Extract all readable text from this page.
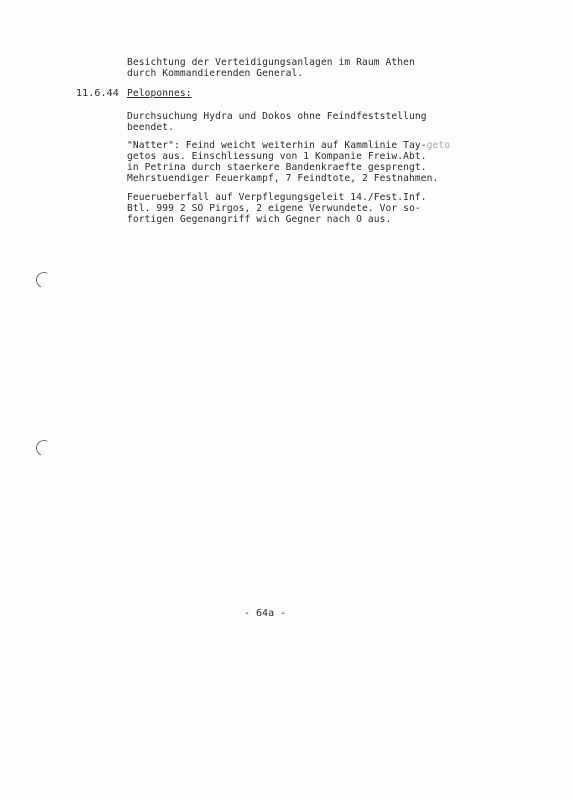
Besichtung der Verteidigungsanlagen im Raum Athen
durch Kommandierenden General.
11.6.44 Peloponnes:
Durchsuchung Hydra und Dokos ohne Feindfeststellung
beendet.
"Natter": Feind weicht weiterhin auf Kammlinie Tay-geto
getos aus. Einschliessung von 1 Kompanie Freiw.Abt.
in Petrina durch staerkere Bandenkraefte gesprengt.
Mehrstuendiger Feuerkampf, 7 Feindtote, 2 Festnahmen.
Feuerueberfall auf Verpflegungsgeleit 14./Fest.Inf.
Btl. 999 2 SO Pirgos, 2 eigene Verwundete. Vor so-
fortigen Gegenangriff wich Gegner nach O aus.
- 64a -
